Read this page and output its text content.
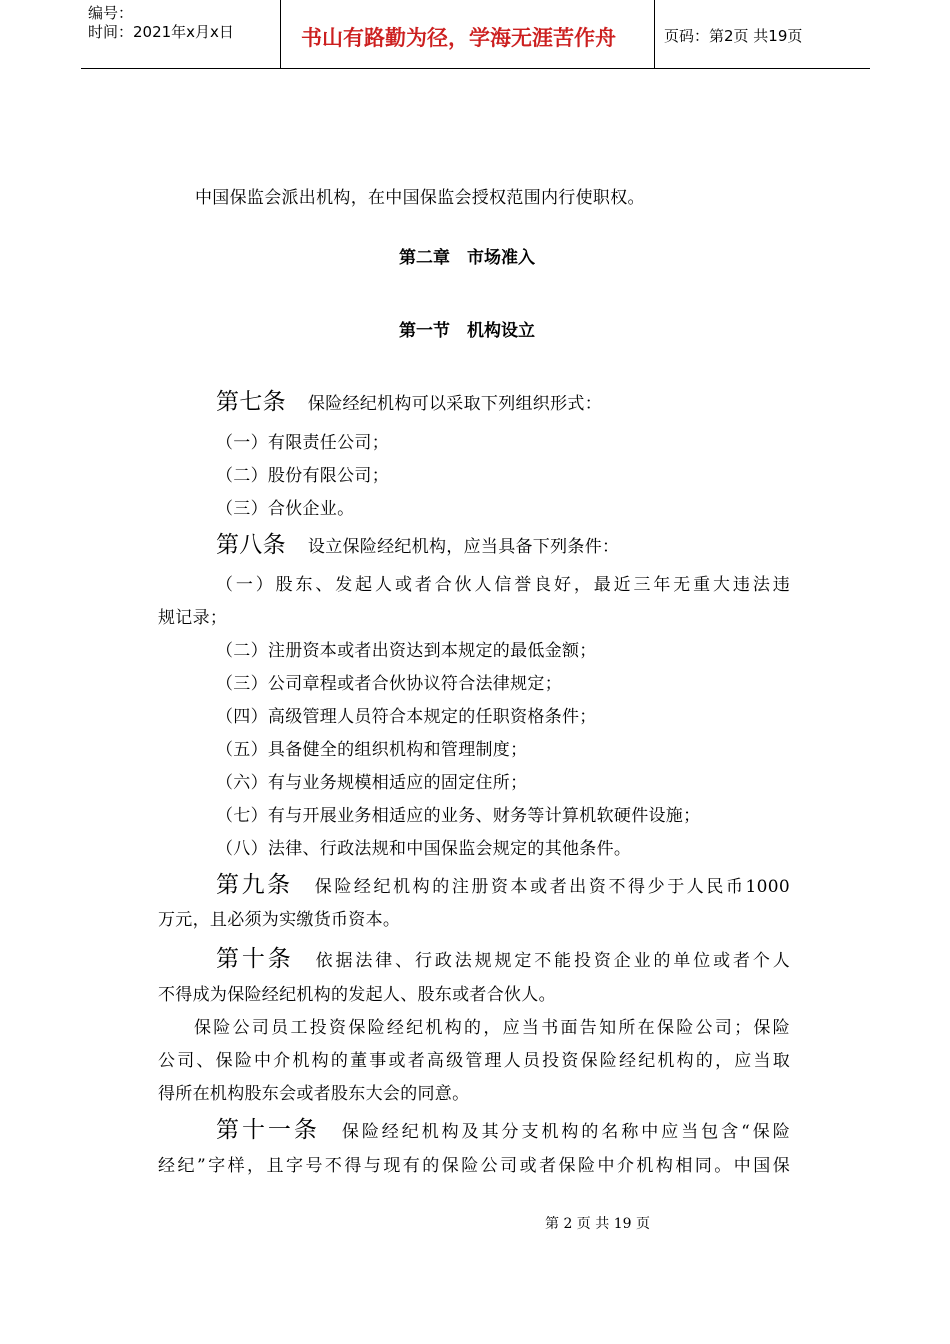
编号：
时间：2021年x月x日	书山有路勤为径，学海无涯苦作舟	页码：第2页 共19页
中国保监会派出机构，在中国保监会授权范围内行使职权。
第二章　市场准入
第一节　机构设立
第七条 保险经纪机构可以采取下列组织形式：
（一）有限责任公司；
（二）股份有限公司；
（三）合伙企业。
第八条 设立保险经纪机构，应当具备下列条件：
（一）股东、发起人或者合伙人信誉良好，最近三年无重大违法违
规记录；
（二）注册资本或者出资达到本规定的最低金额；
（三）公司章程或者合伙协议符合法律规定；
（四）高级管理人员符合本规定的任职资格条件；
（五）具备健全的组织机构和管理制度；
（六）有与业务规模相适应的固定住所；
（七）有与开展业务相适应的业务、财务等计算机软硬件设施；
（八）法律、行政法规和中国保监会规定的其他条件。
第九条 保险经纪机构的注册资本或者出资不得少于人民币1000
万元，且必须为实缴货币资本。
第十条 依据法律、行政法规规定不能投资企业的单位或者个人
不得成为保险经纪机构的发起人、股东或者合伙人。
保险公司员工投资保险经纪机构的，应当书面告知所在保险公司；保险
公司、保险中介机构的董事或者高级管理人员投资保险经纪机构的，应当取
得所在机构股东会或者股东大会的同意。
第十一条 保险经纪机构及其分支机构的名称中应当包含“保险
经纪”字样，且字号不得与现有的保险公司或者保险中介机构相同。中国保
第 2 页 共 19 页
